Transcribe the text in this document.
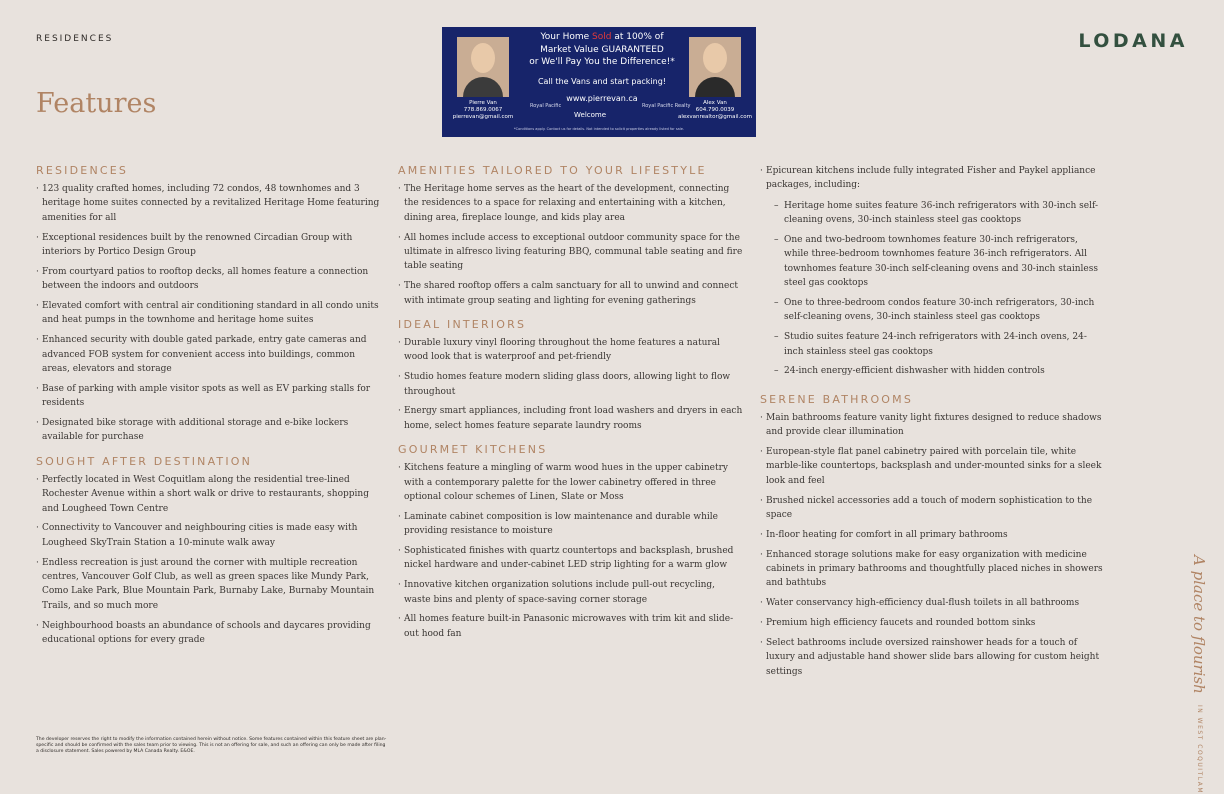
RESIDENCES	LODANA
Features
Your Home Sold at 100% of
Market Value GUARANTEED
or We'll Pay You the Difference!*
Call the Vans and start packing!
www.pierrevan.ca
Pierre Van
778.869.0067
pierrevan@gmail.com
Alex Van
604.790.0039
alexvanrealtor@gmail.com
Royal Pacific	Royal Pacific Realty
Welcome
*Conditions apply. Contact us for details. Not intended to solicit properties already listed for sale.
RESIDENCES
· 123 quality crafted homes, including 72 condos, 48 townhomes and 3 heritage home suites connected by a revitalized Heritage Home featuring amenities for all
· Exceptional residences built by the renowned Circadian Group with interiors by Portico Design Group
· From courtyard patios to rooftop decks, all homes feature a connection between the indoors and outdoors
· Elevated comfort with central air conditioning standard in all condo units and heat pumps in the townhome and heritage home suites
· Enhanced security with double gated parkade, entry gate cameras and advanced FOB system for convenient access into buildings, common areas, elevators and storage
· Base of parking with ample visitor spots as well as EV parking stalls for residents
· Designated bike storage with additional storage and e-bike lockers available for purchase
SOUGHT AFTER DESTINATION
· Perfectly located in West Coquitlam along the residential tree-lined Rochester Avenue within a short walk or drive to restaurants, shopping and Lougheed Town Centre
· Connectivity to Vancouver and neighbouring cities is made easy with Lougheed SkyTrain Station a 10-minute walk away
· Endless recreation is just around the corner with multiple recreation centres, Vancouver Golf Club, as well as green spaces like Mundy Park, Como Lake Park, Blue Mountain Park, Burnaby Lake, Burnaby Mountain Trails, and so much more
· Neighbourhood boasts an abundance of schools and daycares providing educational options for every grade
AMENITIES TAILORED TO YOUR LIFESTYLE
· The Heritage home serves as the heart of the development, connecting the residences to a space for relaxing and entertaining with a kitchen, dining area, fireplace lounge, and kids play area
· All homes include access to exceptional outdoor community space for the ultimate in alfresco living featuring BBQ, communal table seating and fire table seating
· The shared rooftop offers a calm sanctuary for all to unwind and connect with intimate group seating and lighting for evening gatherings
IDEAL INTERIORS
· Durable luxury vinyl flooring throughout the home features a natural wood look that is waterproof and pet-friendly
· Studio homes feature modern sliding glass doors, allowing light to flow throughout
· Energy smart appliances, including front load washers and dryers in each home, select homes feature separate laundry rooms
GOURMET KITCHENS
· Kitchens feature a mingling of warm wood hues in the upper cabinetry with a contemporary palette for the lower cabinetry offered in three optional colour schemes of Linen, Slate or Moss
· Laminate cabinet composition is low maintenance and durable while providing resistance to moisture
· Sophisticated finishes with quartz countertops and backsplash, brushed nickel hardware and under-cabinet LED strip lighting for a warm glow
· Innovative kitchen organization solutions include pull-out recycling, waste bins and plenty of space-saving corner storage
· All homes feature built-in Panasonic microwaves with trim kit and slide-out hood fan
· Epicurean kitchens include fully integrated Fisher and Paykel appliance packages, including:
– Heritage home suites feature 36-inch refrigerators with 30-inch self-cleaning ovens, 30-inch stainless steel gas cooktops
– One and two-bedroom townhomes feature 30-inch refrigerators, while three-bedroom townhomes feature 36-inch refrigerators. All townhomes feature 30-inch self-cleaning ovens and 30-inch stainless steel gas cooktops
– One to three-bedroom condos feature 30-inch refrigerators, 30-inch self-cleaning ovens, 30-inch stainless steel gas cooktops
– Studio suites feature 24-inch refrigerators with 24-inch ovens, 24-inch stainless steel gas cooktops
– 24-inch energy-efficient dishwasher with hidden controls
SERENE BATHROOMS
· Main bathrooms feature vanity light fixtures designed to reduce shadows and provide clear illumination
· European-style flat panel cabinetry paired with porcelain tile, white marble-like countertops, backsplash and under-mounted sinks for a sleek look and feel
· Brushed nickel accessories add a touch of modern sophistication to the space
· In-floor heating for comfort in all primary bathrooms
· Enhanced storage solutions make for easy organization with medicine cabinets in primary bathrooms and thoughtfully placed niches in showers and bathtubs
· Water conservancy high-efficiency dual-flush toilets in all bathrooms
· Premium high efficiency faucets and rounded bottom sinks
· Select bathrooms include oversized rainshower heads for a touch of luxury and adjustable hand shower slide bars allowing for custom height settings
The developer reserves the right to modify the information contained herein without notice. Some features contained within this feature sheet are plan-specific and should be confirmed with the sales team prior to viewing. This is not an offering for sale, and such an offering can only be made after filing a disclosure statement. Sales powered by MLA Canada Realty. E&OE.
A place to flourish IN WEST COQUITLAM
